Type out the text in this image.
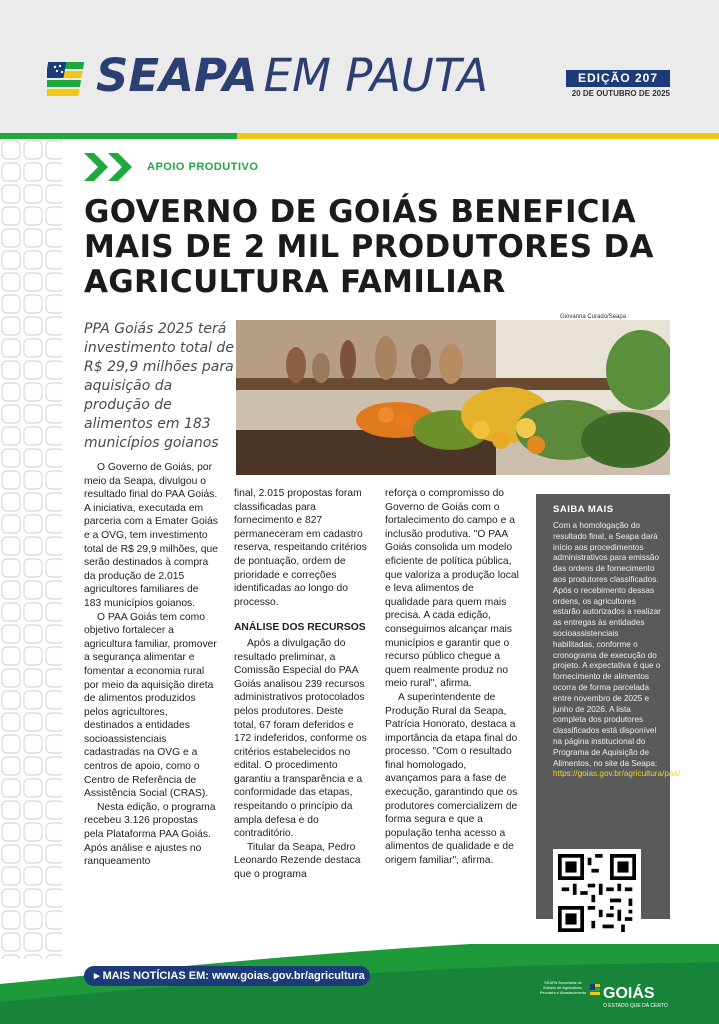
SEAPA EM PAUTA	EDIÇÃO 207
20 DE OUTUBRO DE 2025
APOIO PRODUTIVO
GOVERNO DE GOIÁS BENEFICIA
MAIS DE 2 MIL PRODUTORES DA
AGRICULTURA FAMILIAR

PPA Goiás 2025 terá investimento total de R$ 29,9 milhões para aquisição da produção de alimentos em 183 municípios goianos

Giovanna Curado/Seapa

O Governo de Goiás, por meio da Seapa, divulgou o resultado final do PAA Goiás. A iniciativa, executada em parceria com a Emater Goiás e a OVG, tem investimento total de R$ 29,9 milhões, que serão destinados à compra da produção de 2.015 agricultores familiares de 183 municípios goianos.

O PAA Goiás tem como objetivo fortalecer a agricultura familiar, promover a segurança alimentar e fomentar a economia rural por meio da aquisição direta de alimentos produzidos pelos agricultores, destinados a entidades socioassistenciais cadastradas na OVG e a centros de apoio, como o Centro de Referência de Assistência Social (CRAS).

Nesta edição, o programa recebeu 3.126 propostas pela Plataforma PAA Goiás. Após análise e ajustes no ranqueamento

final, 2.015 propostas foram classificadas para fornecimento e 827 permaneceram em cadastro reserva, respeitando critérios de pontuação, ordem de prioridade e correções identificadas ao longo do processo.

ANÁLISE DOS RECURSOS

Após a divulgação do resultado preliminar, a Comissão Especial do PAA Goiás analisou 239 recursos administrativos protocolados pelos produtores. Deste total, 67 foram deferidos e 172 indeferidos, conforme os critérios estabelecidos no edital. O procedimento garantiu a transparência e a conformidade das etapas, respeitando o princípio da ampla defesa e do contraditório.

Titular da Seapa, Pedro Leonardo Rezende destaca que o programa

reforça o compromisso do Governo de Goiás com o fortalecimento do campo e a inclusão produtiva. "O PAA Goiás consolida um modelo eficiente de política pública, que valoriza a produção local e leva alimentos de qualidade para quem mais precisa. A cada edição, conseguimos alcançar mais municípios e garantir que o recurso público chegue a quem realmente produz no meio rural", afirma.

A superintendente de Produção Rural da Seapa, Patrícia Honorato, destaca a importância da etapa final do processo. "Com o resultado final homologado, avançamos para a fase de execução, garantindo que os produtores comercializem de forma segura e que a população tenha acesso a alimentos de qualidade e de origem familiar", afirma.

SAIBA MAIS

Com a homologação do resultado final, a Seapa dará início aos procedimentos administrativos para emissão das ordens de fornecimento aos produtores classificados. Após o recebimento dessas ordens, os agricultores estarão autorizados a realizar as entregas às entidades socioassistenciais habilitadas, conforme o cronograma de execução do projeto. A expectativa é que o fornecimento de alimentos ocorra de forma parcelada entre novembro de 2025 e junho de 2026. A lista completa dos produtores classificados está disponível na página institucional do Programa de Aquisição de Alimentos, no site da Seapa: https://goias.gov.br/agricultura/paa/

▸ MAIS NOTÍCIAS EM: www.goias.gov.br/agricultura
SEAPA Secretaria de Estado de Agricultura, Pecuária e Abastecimento GOIÁS
O ESTADO QUE DÁ CERTO
